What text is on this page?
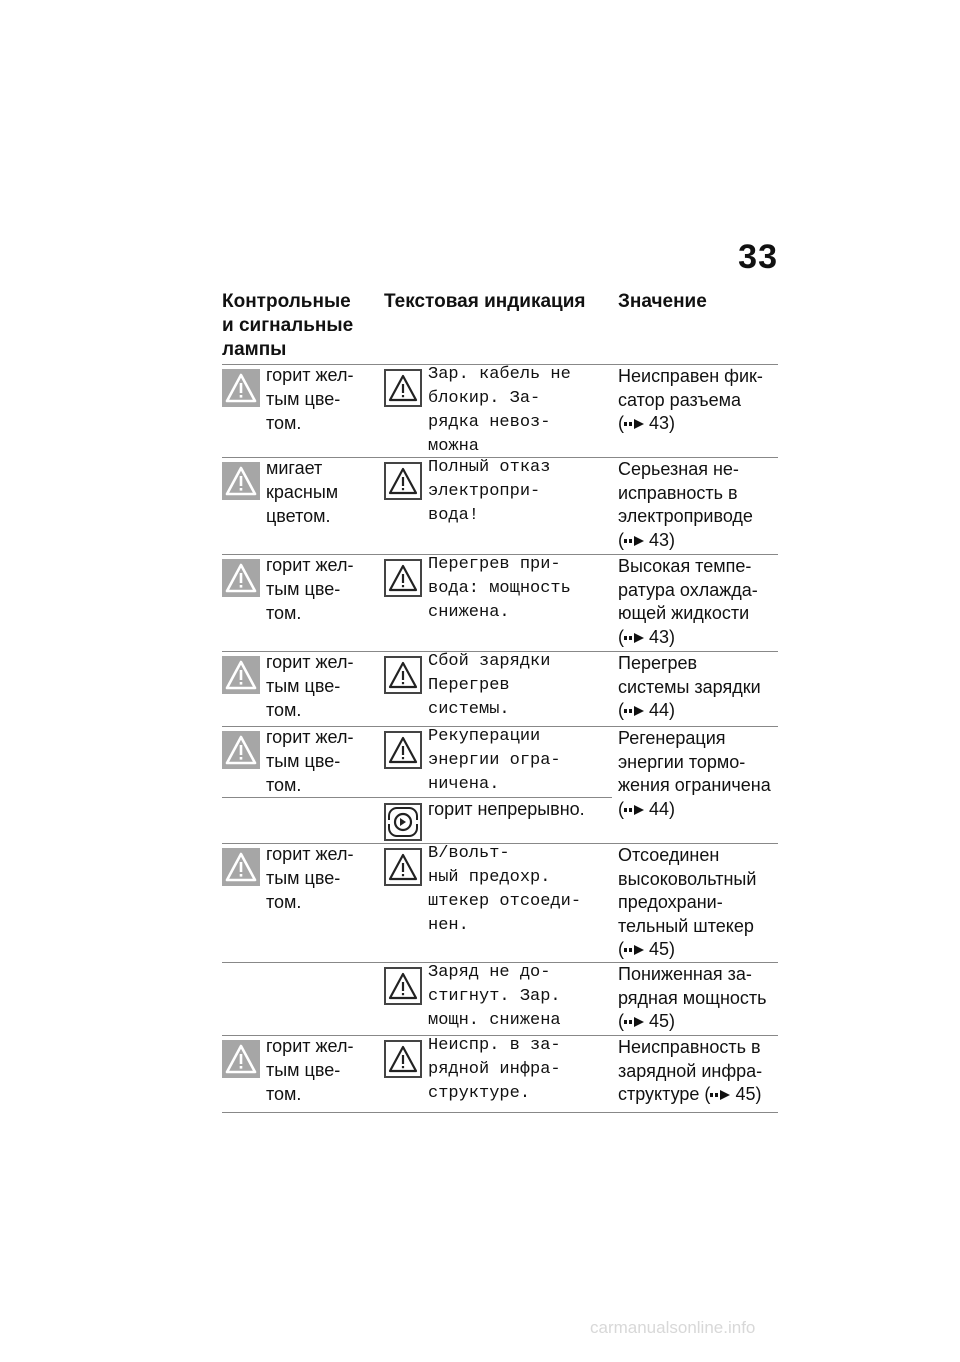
33
Контрольные
и сигнальные
лампы
Текстовая индикация Значение
горит жел-
тым цве-
том.
Зар. кабель не
блокир. За-
рядка невоз-
можна
Неисправен фик-
сатор разъема
( 43)
мигает
красным
цветом.
Полный отказ
электропри-
вода!
Серьезная не-
исправность в
электроприводе
( 43)
горит жел-
тым цве-
том.
Перегрев при-
вода: мощность
снижена.
Высокая темпе-
ратура охлажда-
ющей жидкости
( 43)
горит жел-
тым цве-
том.
Сбой зарядки
Перегрев
системы.
Перегрев
системы зарядки
( 44)
горит жел-
тым цве-
том.
Рекуперации
энергии огра-
ничена.
горит непрерывно.
Регенерация
энергии тормо-
жения ограничена
( 44)
горит жел-
тым цве-
том.
В/вольт-
ный предохр.
штекер отсоеди-
нен.
Отсоединен
высоковольтный
предохрани-
тельный штекер
( 45)
Заряд не до-
стигнут. Зар.
мощн. снижена
Пониженная за-
рядная мощность
( 45)
горит жел-
тым цве-
том.
Неиспр. в за-
рядной инфра-
структуре.
Неисправность в
зарядной инфра-
структуре ( 45)
carmanualsonline.info
